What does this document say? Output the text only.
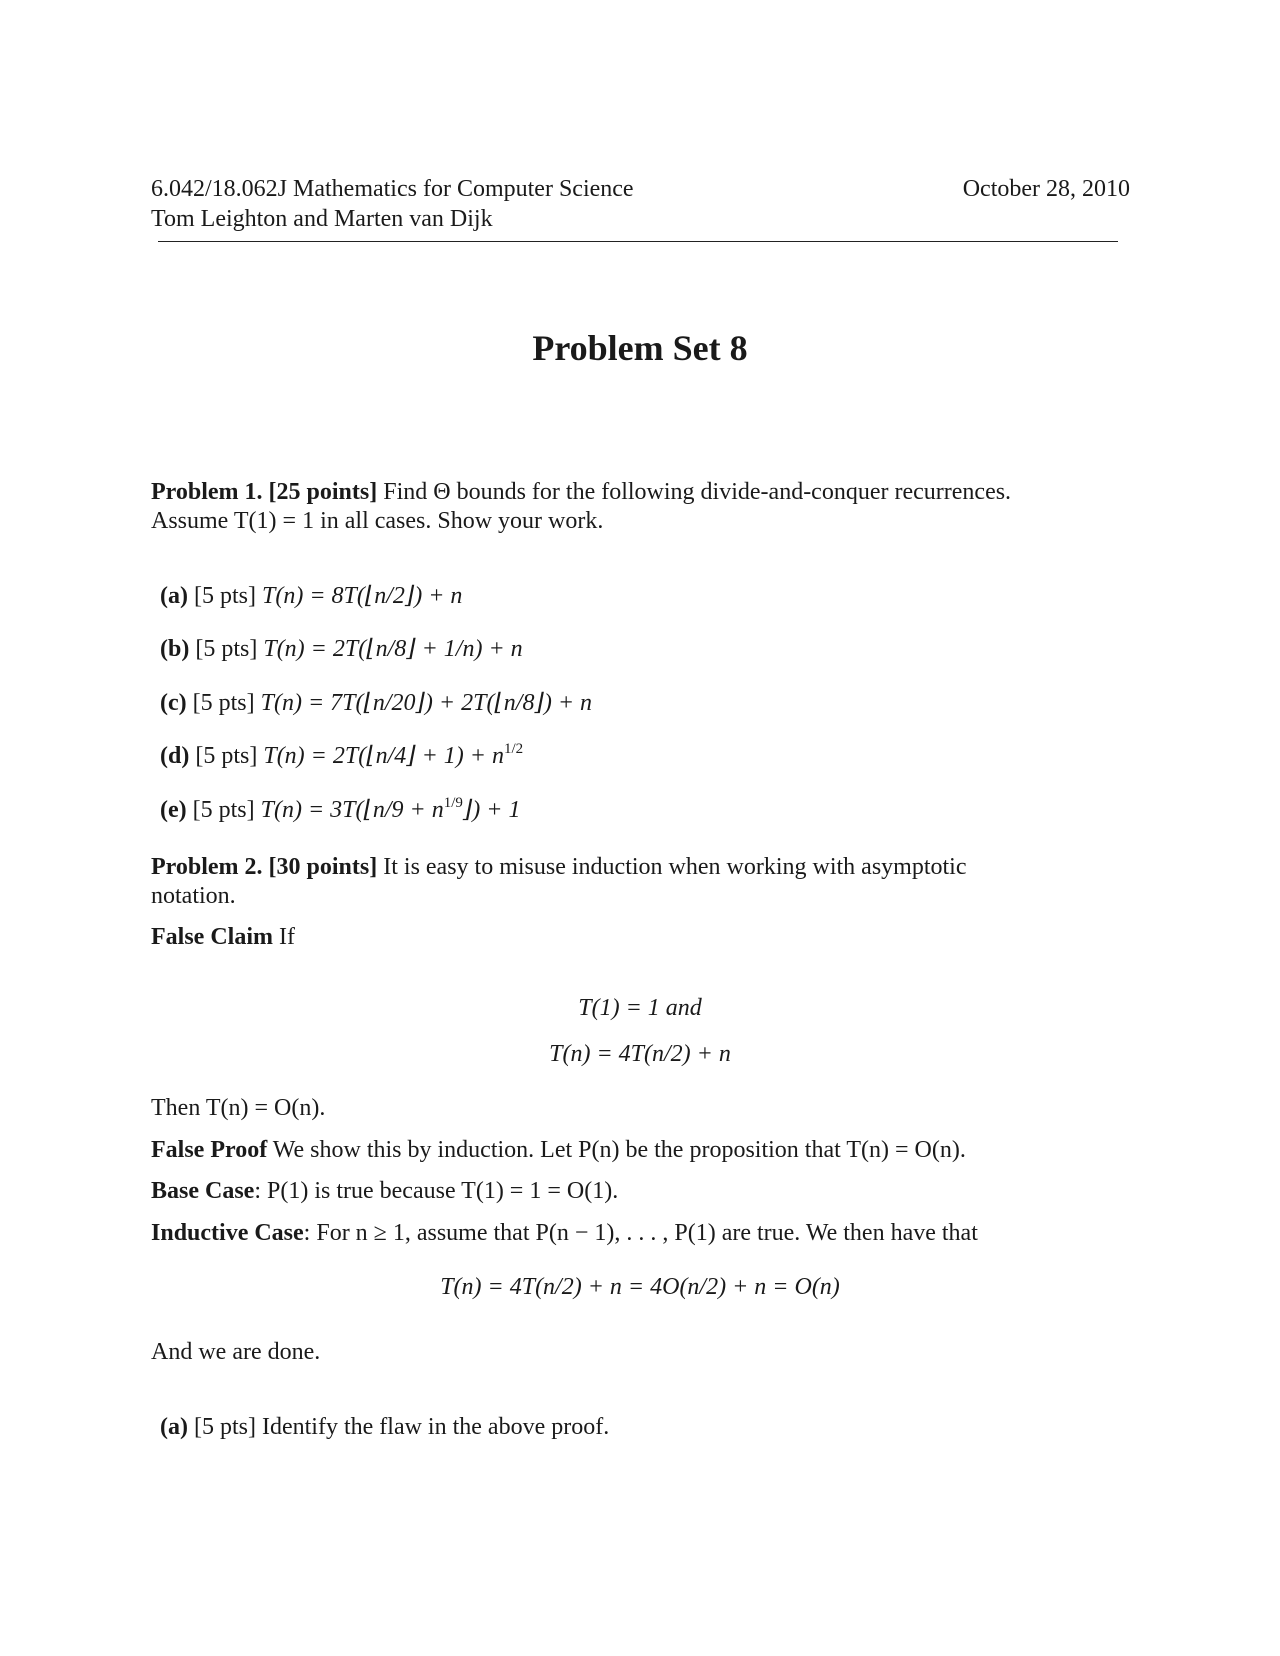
6.042/18.062J Mathematics for Computer Science
Tom Leighton and Marten van Dijk
October 28, 2010
Problem Set 8
Problem 1. [25 points] Find Θ bounds for the following divide-and-conquer recurrences.
Assume T(1) = 1 in all cases. Show your work.
(a) [5 pts] T(n) = 8T(⌊n/2⌋) + n
(b) [5 pts] T(n) = 2T(⌊n/8⌋ + 1/n) + n
(c) [5 pts] T(n) = 7T(⌊n/20⌋) + 2T(⌊n/8⌋) + n
(d) [5 pts] T(n) = 2T(⌊n/4⌋ + $1) + n^{1/2}$
(e) [5 pts] T(n) = 3T(⌊n/9 + $n^{1/9}⌋) + 1$
Problem 2. [30 points] It is easy to misuse induction when working with asymptotic
notation.
False Claim If
T(1) = 1 and
T(n) = 4T(n/2) + n
Then T(n) = O(n).
False Proof We show this by induction. Let P(n) be the proposition that T(n) = O(n).
Base Case: P(1) is true because T(1) = 1 = O(1).
Inductive Case: For n ≥ 1, assume that P(n − 1), . . . , P(1) are true. We then have that
T(n) = 4T(n/2) + n = 4O(n/2) + n = O(n)
And we are done.
(a) [5 pts] Identify the flaw in the above proof.
